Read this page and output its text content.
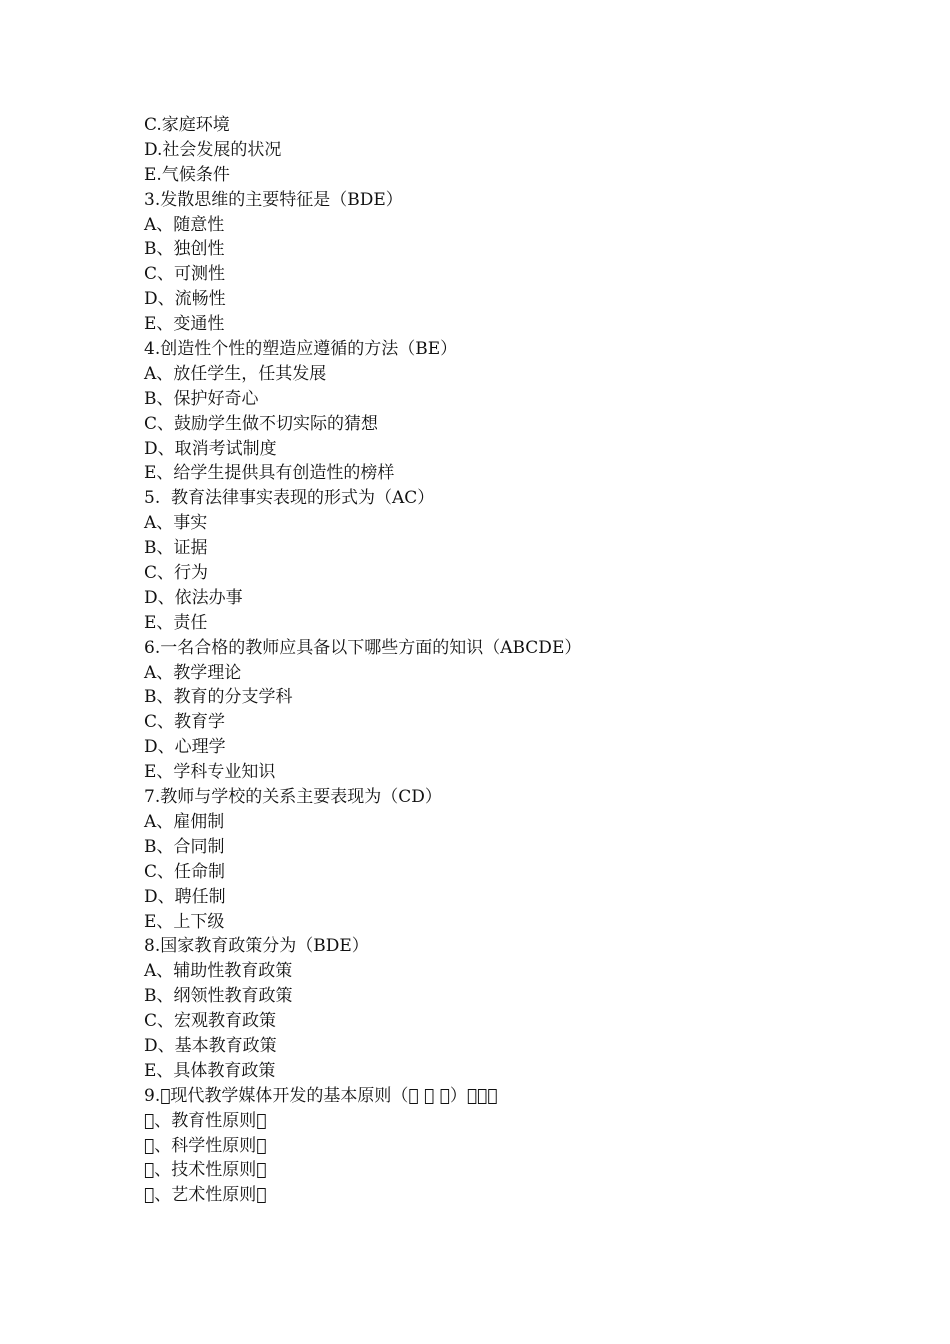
C.家庭环境
D.社会发展的状况
E.气候条件
3.发散思维的主要特征是（BDE）
A、随意性
B、独创性
C、可测性
D、流畅性
E、变通性
4.创造性个性的塑造应遵循的方法（BE）
A、放任学生，任其发展
B、保护好奇心
C、鼓励学生做不切实际的猜想
D、取消考试制度
E、给学生提供具有创造性的榜样
5.  教育法律事实表现的形式为（AC）
A、事实
B、证据
C、行为
D、依法办事
E、责任
6.一名合格的教师应具备以下哪些方面的知识（ABCDE）
A、教学理论
B、教育的分支学科
C、教育学
D、心理学
E、学科专业知识
7.教师与学校的关系主要表现为（CD）
A、雇佣制
B、合同制
C、任命制
D、聘任制
E、上下级
8.国家教育政策分为（BDE）
A、辅助性教育政策
B、纲领性教育政策
C、宏观教育政策
D、基本教育政策
E、具体教育政策
9. 现代教学媒体开发的基本原则（     ）   
 、教育性原则 
 、科学性原则 
 、技术性原则 
 、艺术性原则 
